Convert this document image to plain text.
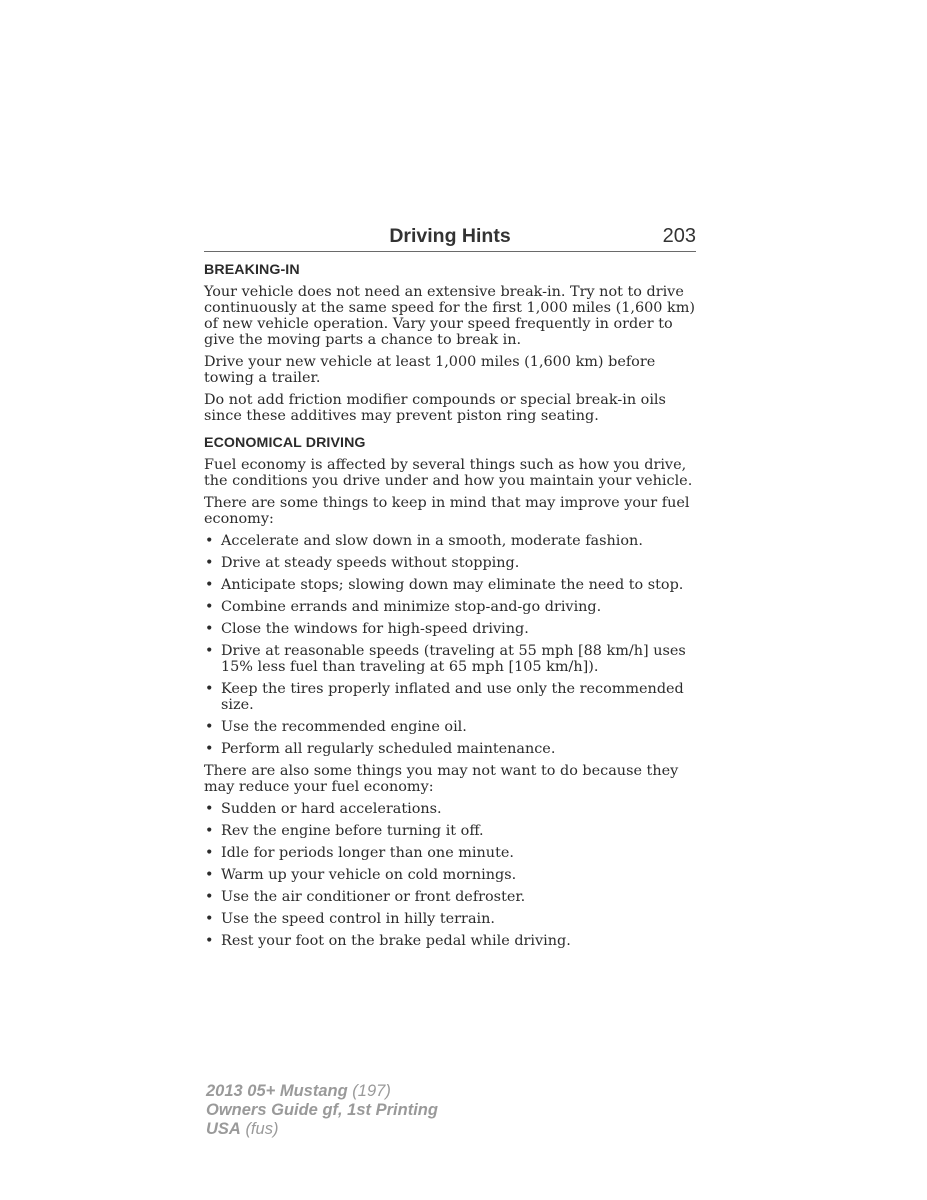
Driving Hints	203
BREAKING-IN

Your vehicle does not need an extensive break-in. Try not to drive continuously at the same speed for the first 1,000 miles (1,600 km) of new vehicle operation. Vary your speed frequently in order to give the moving parts a chance to break in.

Drive your new vehicle at least 1,000 miles (1,600 km) before towing a trailer.

Do not add friction modifier compounds or special break-in oils since these additives may prevent piston ring seating.

ECONOMICAL DRIVING

Fuel economy is affected by several things such as how you drive, the conditions you drive under and how you maintain your vehicle.

There are some things to keep in mind that may improve your fuel economy:

• Accelerate and slow down in a smooth, moderate fashion.
• Drive at steady speeds without stopping.
• Anticipate stops; slowing down may eliminate the need to stop.
• Combine errands and minimize stop-and-go driving.
• Close the windows for high-speed driving.
• Drive at reasonable speeds (traveling at 55 mph [88 km/h] uses 15% less fuel than traveling at 65 mph [105 km/h]).
• Keep the tires properly inflated and use only the recommended size.
• Use the recommended engine oil.
• Perform all regularly scheduled maintenance.

There are also some things you may not want to do because they may reduce your fuel economy:

• Sudden or hard accelerations.
• Rev the engine before turning it off.
• Idle for periods longer than one minute.
• Warm up your vehicle on cold mornings.
• Use the air conditioner or front defroster.
• Use the speed control in hilly terrain.
• Rest your foot on the brake pedal while driving.
2013 05+ Mustang (197)
Owners Guide gf, 1st Printing
USA (fus)
